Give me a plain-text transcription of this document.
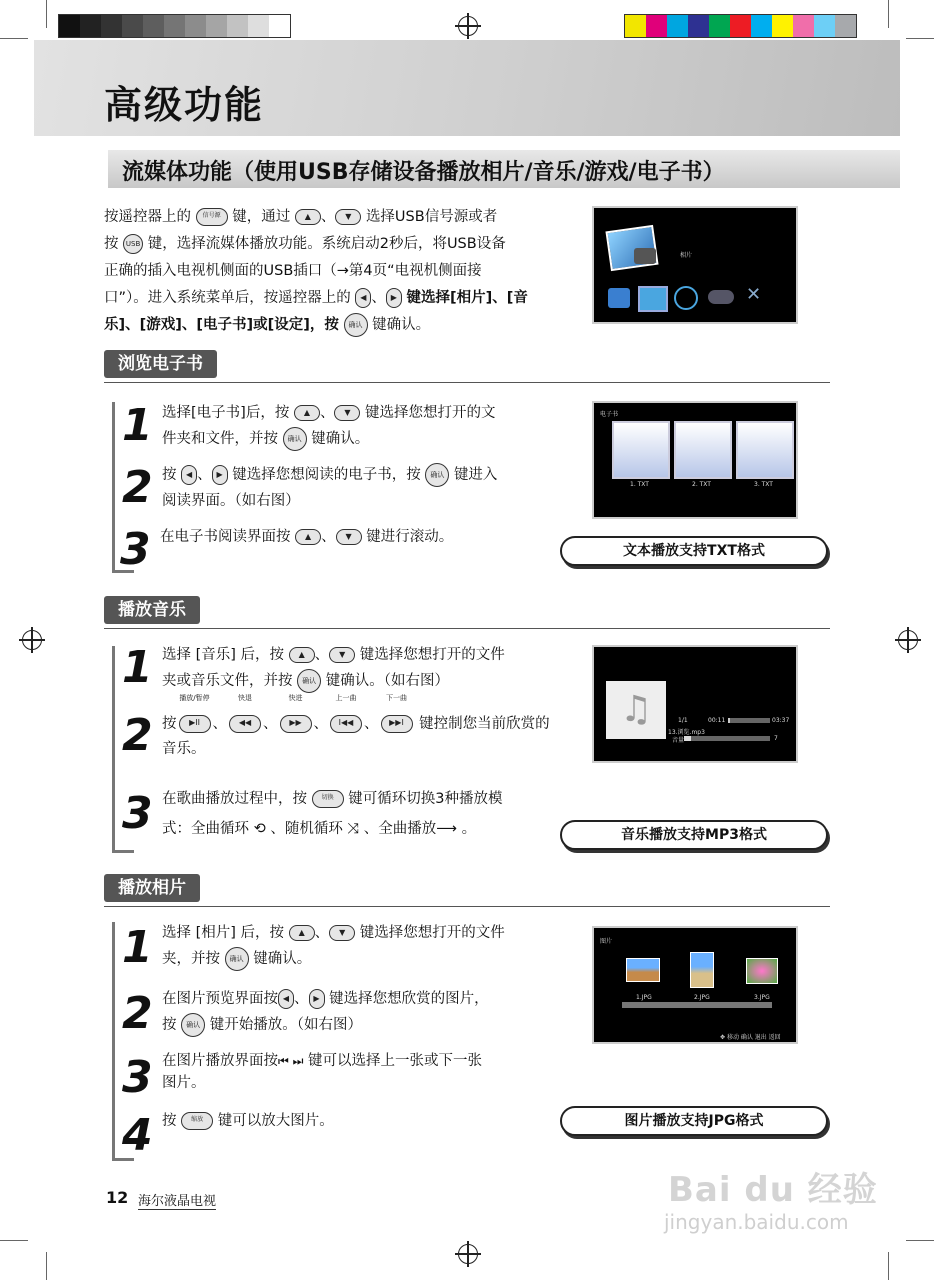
高级功能
流媒体功能（使用USB存储设备播放相片/音乐/游戏/电子书）
按遥控器上的 信号源 键，通过 ▲ 、 ▼ 选择USB信号源或者
按 USB 键，选择流媒体播放功能。系统启动2秒后，将USB设备
正确的插入电视机侧面的USB插口（→第4页“电视机侧面接
口”）。进入系统菜单后，按遥控器上的 ◀ 、 ▶ 键选择[相片]、[音
乐]、[游戏]、[电子书]或[设定]，按 确认 键确认。
相片
✕
浏览电子书
1 选择[电子书]后，按 ▲ 、 ▼ 键选择您想打开的文
件夹和文件，并按 确认 键确认。
2 按 ◀ 、 ▶ 键选择您想阅读的电子书，按 确认 键进入
阅读界面。（如右图）
3 在电子书阅读界面按 ▲ 、 ▼ 键进行滚动。
电子书
1. TXT	2. TXT	3. TXT
文本播放支持TXT格式
播放音乐
1 选择 [音乐] 后，按 ▲ 、 ▼ 键选择您想打开的文件
夹或音乐文件，并按 确认 键确认。（如右图）
2 按
播放/暂停
▶II 、
快退
◀◀ 、
快进
▶▶ 、
上一曲
I◀◀ 、
下一曲
▶▶I 键控制您当前欣赏的
音乐。
3 在歌曲播放过程中，按 切换 键可循环切换3种播放模
式：全曲循环 ⟲ 、随机循环 ⤨ 、全曲播放⟶ 。
♫	1/1	00:11	03:37
13.浏览.mp3
音量	7
音乐播放支持MP3格式
播放相片
1 选择 [相片] 后，按 ▲ 、 ▼ 键选择您想打开的文件
夹，并按 确认 键确认。
2 在图片预览界面按 ◀ 、 ▶ 键选择您想欣赏的图片，
按 确认 键开始播放。（如右图）
3 在图片播放界面按⏮ ⏭ 键可以选择上一张或下一张
图片。
4 按 缩放 键可以放大图片。
图片
1.JPG	2.JPG	3.JPG
✥ 移动 确认 退出 返回
图片播放支持JPG格式
12 海尔液晶电视	Bai du 经验
jingyan.baidu.com
